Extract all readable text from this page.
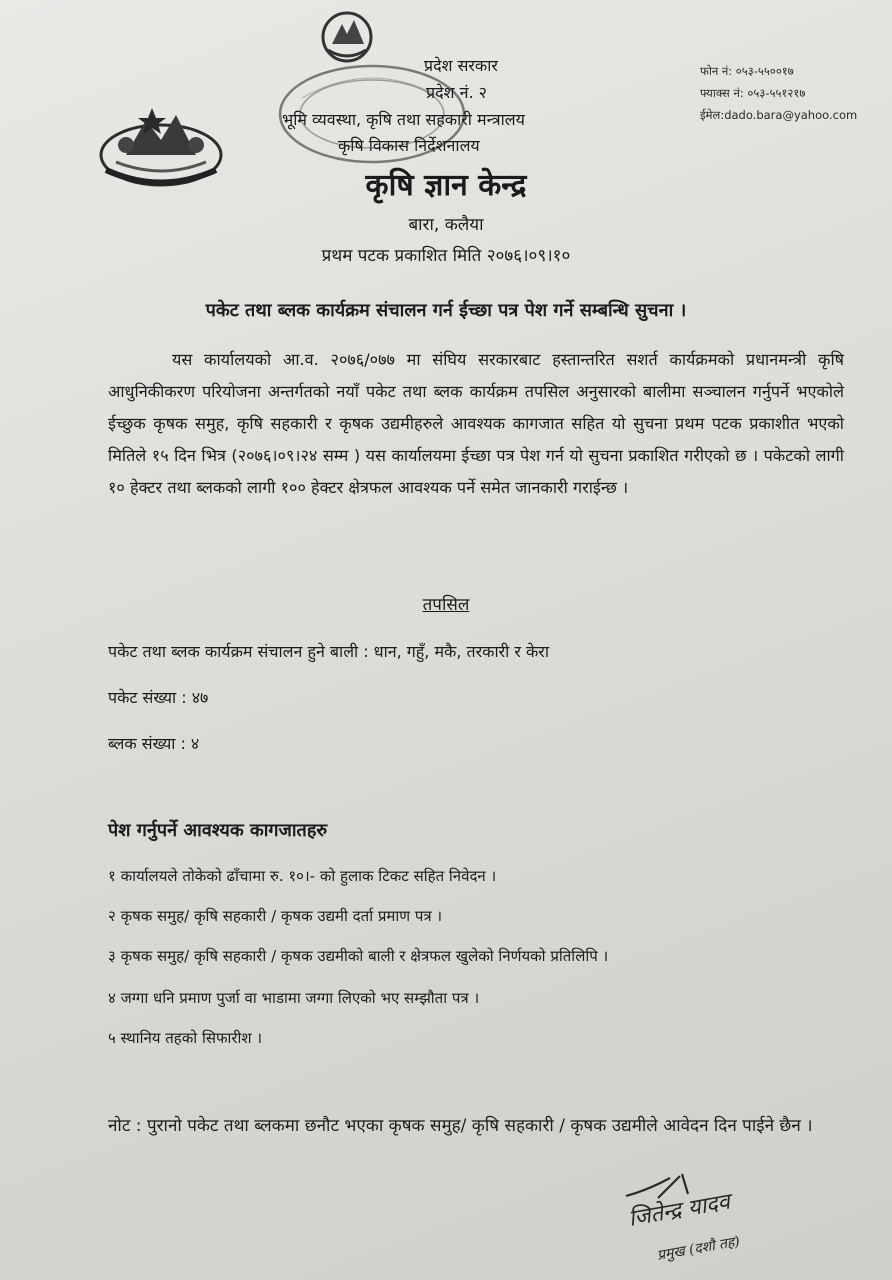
प्रदेश सरकार
प्रदेश नं. २
भूमि व्यवस्था, कृषि तथा सहकारी मन्त्रालय
कृषि विकास निर्देशनालय
कृषि ज्ञान केन्द्र
बारा, कलैया
प्रथम पटक प्रकाशित मिति २०७६।०९।१०
फोन नं: ०५३-५५००१७
फ्याक्स नं: ०५३-५५१२१७
ईमेल:dado.bara@yahoo.com
पकेट तथा ब्लक कार्यक्रम संचालन गर्न ईच्छा पत्र पेश गर्ने सम्बन्धि सुचना ।
यस कार्यालयको आ.व. २०७६/०७७ मा संघिय सरकारबाट हस्तान्तरित सशर्त कार्यक्रमको प्रधानमन्त्री कृषि आधुनिकीकरण परियोजना अन्तर्गतको नयाँ पकेट तथा ब्लक कार्यक्रम तपसिल अनुसारको बालीमा सञ्चालन गर्नुपर्ने भएकोले ईच्छुक कृषक समुह, कृषि सहकारी र कृषक उद्यमीहरुले आवश्यक कागजात सहित यो सुचना प्रथम पटक प्रकाशीत भएको मितिले १५ दिन भित्र (२०७६।०९।२४ सम्म ) यस कार्यालयमा ईच्छा पत्र पेश गर्न यो सुचना प्रकाशित गरीएको छ । पकेटको लागी १० हेक्टर तथा ब्लकको लागी १०० हेक्टर क्षेत्रफल आवश्यक पर्ने समेत जानकारी गराईन्छ ।
तपसिल
पकेट तथा ब्लक कार्यक्रम संचालन हुने बाली : धान, गहुँ, मकै, तरकारी र केरा
पकेट संख्या : ४७
ब्लक संख्या : ४
पेश गर्नुपर्ने आवश्यक कागजातहरु
१ कार्यालयले तोकेको ढाँचामा रु. १०।- को हुलाक टिकट सहित निवेदन ।
२ कृषक समुह/ कृषि सहकारी / कृषक उद्यमी दर्ता प्रमाण पत्र ।
३ कृषक समुह/ कृषि सहकारी / कृषक उद्यमीको बाली र क्षेत्रफल खुलेको निर्णयको प्रतिलिपि ।
४ जग्गा धनि प्रमाण पुर्जा वा भाडामा जग्गा लिएको भए सम्झौता पत्र ।
५ स्थानिय तहको सिफारीश ।
नोट : पुरानो पकेट तथा ब्लकमा छनौट भएका कृषक समुह/ कृषि सहकारी / कृषक उद्यमीले आवेदन दिन पाईने छैन ।
जितेन्द्र यादव
प्रमुख (दशौ तह)
